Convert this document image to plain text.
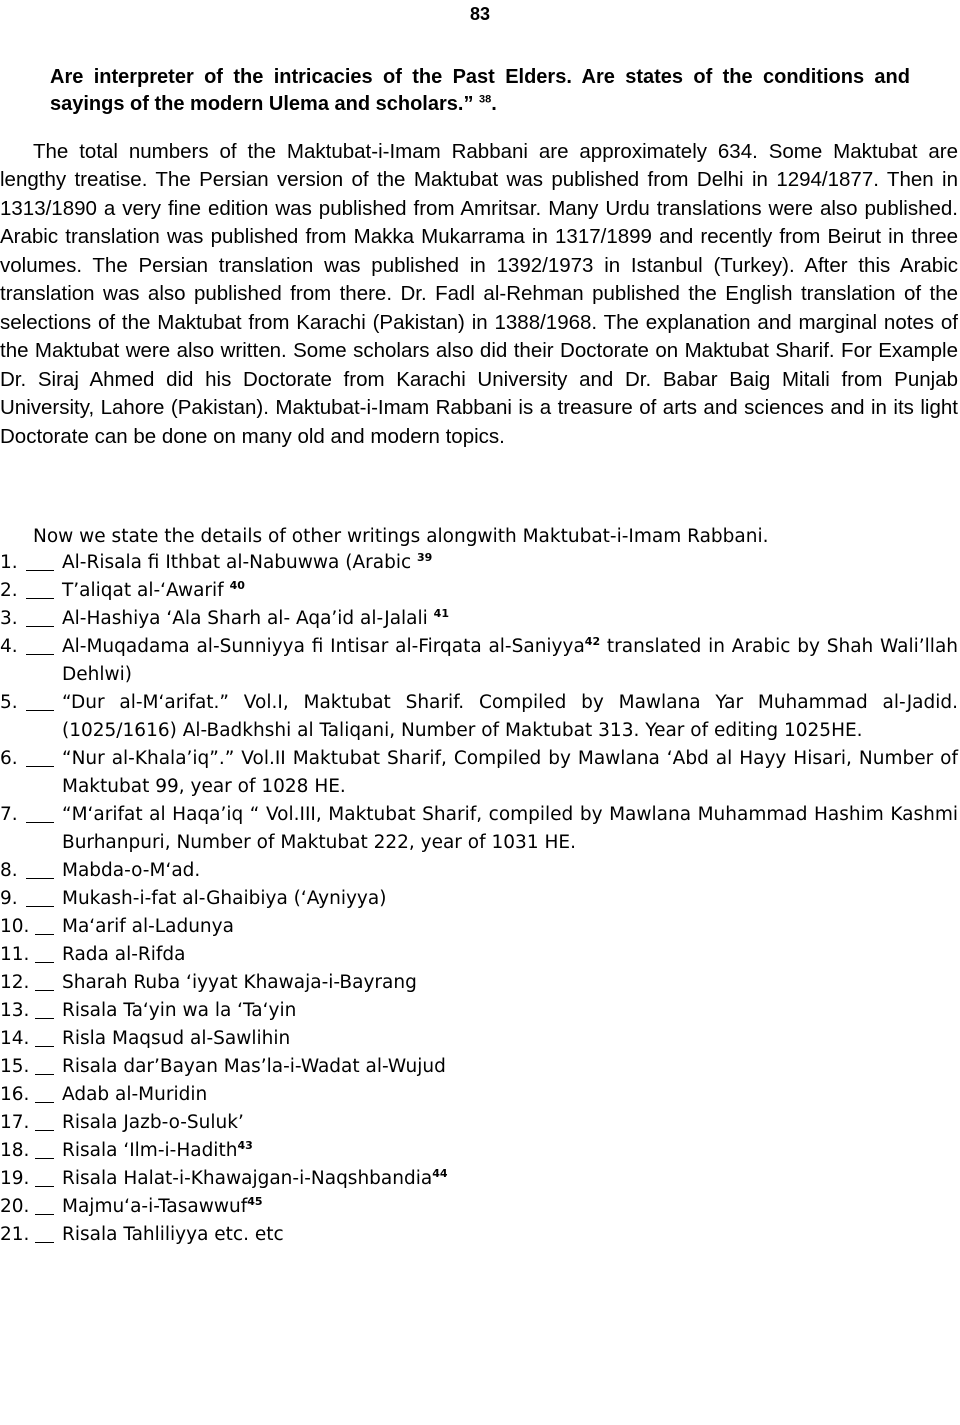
83

Are interpreter of the intricacies of the Past Elders. Are states of the conditions and sayings of the modern Ulema and scholars.” $^{38}$.

The total numbers of the Maktubat-i-Imam Rabbani are approximately 634. Some Maktubat are lengthy treatise. The Persian version of the Maktubat was published from Delhi in 1294/1877. Then in 1313/1890 a very fine edition was published from Amritsar. Many Urdu translations were also published. Arabic translation was published from Makka Mukarrama in 1317/1899 and recently from Beirut in three volumes. The Persian translation was published in 1392/1973 in Istanbul (Turkey). After this Arabic translation was also published from there. Dr. Fadl al-Rehman published the English translation of the selections of the Maktubat from Karachi (Pakistan) in 1388/1968. The explanation and marginal notes of the Maktubat were also written. Some scholars also did their Doctorate on Maktubat Sharif. For Example Dr. Siraj Ahmed did his Doctorate from Karachi University and Dr. Babar Baig Mitali from Punjab University, Lahore (Pakistan). Maktubat-i-Imam Rabbani is a treasure of arts and sciences and in its light Doctorate can be done on many old and modern topics.

Now we state the details of other writings alongwith Maktubat-i-Imam Rabbani.

1.	Al-Risala fi Ithbat al-Nabuwwa (Arabic $^{39}$
2.	T’aliqat al-‘Awarif $^{40}$
3.	Al-Hashiya ‘Ala Sharh al- Aqa’id al-Jalali $^{41}$
4.	Al-Muqadama al-Sunniyya fi Intisar al-Firqata al-Saniyya$^{42}$ translated in Arabic by Shah Wali’llah Dehlwi)
5.	“Dur al-M‘arifat.” Vol.I, Maktubat Sharif. Compiled by Mawlana Yar Muhammad al-Jadid.(1025/1616) Al-Badkhshi al Taliqani, Number of Maktubat 313. Year of editing 1025HE.
6.	“Nur al-Khala’iq”.” Vol.II Maktubat Sharif, Compiled by Mawlana ‘Abd al Hayy Hisari, Number of Maktubat 99, year of 1028 HE.
7.	“M‘arifat al Haqa’iq “ Vol.III, Maktubat Sharif, compiled by Mawlana Muhammad Hashim Kashmi Burhanpuri, Number of Maktubat 222, year of 1031 HE.
8.	Mabda-o-M‘ad.
9.	Mukash-i-fat al-Ghaibiya (‘Ayniyya)
10.	Ma‘arif al-Ladunya
11.	Rada al-Rifda
12.	Sharah Ruba ‘iyyat Khawaja-i-Bayrang
13.	Risala Ta‘yin wa la ‘Ta‘yin
14.	Risla Maqsud al-Sawlihin
15.	Risala dar’Bayan Mas’la-i-Wadat al-Wujud
16.	Adab al-Muridin
17.	Risala Jazb-o-Suluk’
18.	Risala ‘Ilm-i-Hadith$^{43}$
19.	Risala Halat-i-Khawajgan-i-Naqshbandia$^{44}$
20.	Majmu‘a-i-Tasawwuf$^{45}$
21.	Risala Tahliliyya etc. etc
